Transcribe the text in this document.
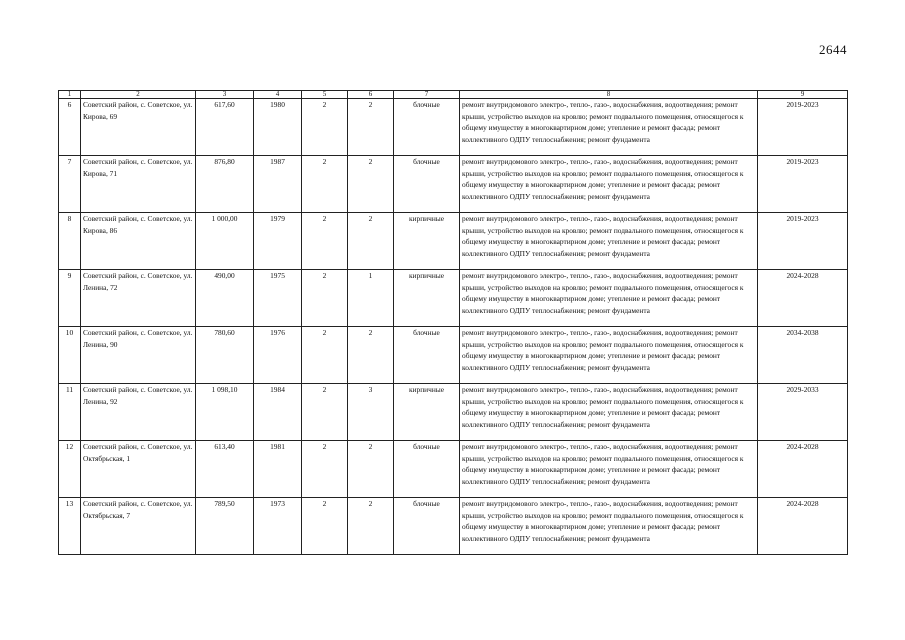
2644
1	2	3	4	5	6	7	8	9
6	Советский район, с. Советское, ул. Кирова, 69	617,60	1980	2	2	блочные	ремонт внутридомового электро-, тепло-, газо-, водоснабжения, водоотведения; ремонт крыши, устройство выходов на кровлю; ремонт подвального помещения, относящегося к общему имуществу в многоквартирном доме; утепление и ремонт фасада; ремонт коллективного ОДПУ теплоснабжения; ремонт фундамента	2019-2023
7	Советский район, с. Советское, ул. Кирова, 71	876,80	1987	2	2	блочные	ремонт внутридомового электро-, тепло-, газо-, водоснабжения, водоотведения; ремонт крыши, устройство выходов на кровлю; ремонт подвального помещения, относящегося к общему имуществу в многоквартирном доме; утепление и ремонт фасада; ремонт коллективного ОДПУ теплоснабжения; ремонт фундамента	2019-2023
8	Советский район, с. Советское, ул. Кирова, 86	1 000,00	1979	2	2	кирпичные	ремонт внутридомового электро-, тепло-, газо-, водоснабжения, водоотведения; ремонт крыши, устройство выходов на кровлю; ремонт подвального помещения, относящегося к общему имуществу в многоквартирном доме; утепление и ремонт фасада; ремонт коллективного ОДПУ теплоснабжения; ремонт фундамента	2019-2023
9	Советский район, с. Советское, ул. Ленина, 72	490,00	1975	2	1	кирпичные	ремонт внутридомового электро-, тепло-, газо-, водоснабжения, водоотведения; ремонт крыши, устройство выходов на кровлю; ремонт подвального помещения, относящегося к общему имуществу в многоквартирном доме; утепление и ремонт фасада; ремонт коллективного ОДПУ теплоснабжения; ремонт фундамента	2024-2028
10	Советский район, с. Советское, ул. Ленина, 90	780,60	1976	2	2	блочные	ремонт внутридомового электро-, тепло-, газо-, водоснабжения, водоотведения; ремонт крыши, устройство выходов на кровлю; ремонт подвального помещения, относящегося к общему имуществу в многоквартирном доме; утепление и ремонт фасада; ремонт коллективного ОДПУ теплоснабжения; ремонт фундамента	2034-2038
11	Советский район, с. Советское, ул. Ленина, 92	1 098,10	1984	2	3	кирпичные	ремонт внутридомового электро-, тепло-, газо-, водоснабжения, водоотведения; ремонт крыши, устройство выходов на кровлю; ремонт подвального помещения, относящегося к общему имуществу в многоквартирном доме; утепление и ремонт фасада; ремонт коллективного ОДПУ теплоснабжения; ремонт фундамента	2029-2033
12	Советский район, с. Советское, ул. Октябрьская, 1	613,40	1981	2	2	блочные	ремонт внутридомового электро-, тепло-, газо-, водоснабжения, водоотведения; ремонт крыши, устройство выходов на кровлю; ремонт подвального помещения, относящегося к общему имуществу в многоквартирном доме; утепление и ремонт фасада; ремонт коллективного ОДПУ теплоснабжения; ремонт фундамента	2024-2028
13	Советский район, с. Советское, ул. Октябрьская, 7	789,50	1973	2	2	блочные	ремонт внутридомового электро-, тепло-, газо-, водоснабжения, водоотведения; ремонт крыши, устройство выходов на кровлю; ремонт подвального помещения, относящегося к общему имуществу в многоквартирном доме; утепление и ремонт фасада; ремонт коллективного ОДПУ теплоснабжения; ремонт фундамента	2024-2028
